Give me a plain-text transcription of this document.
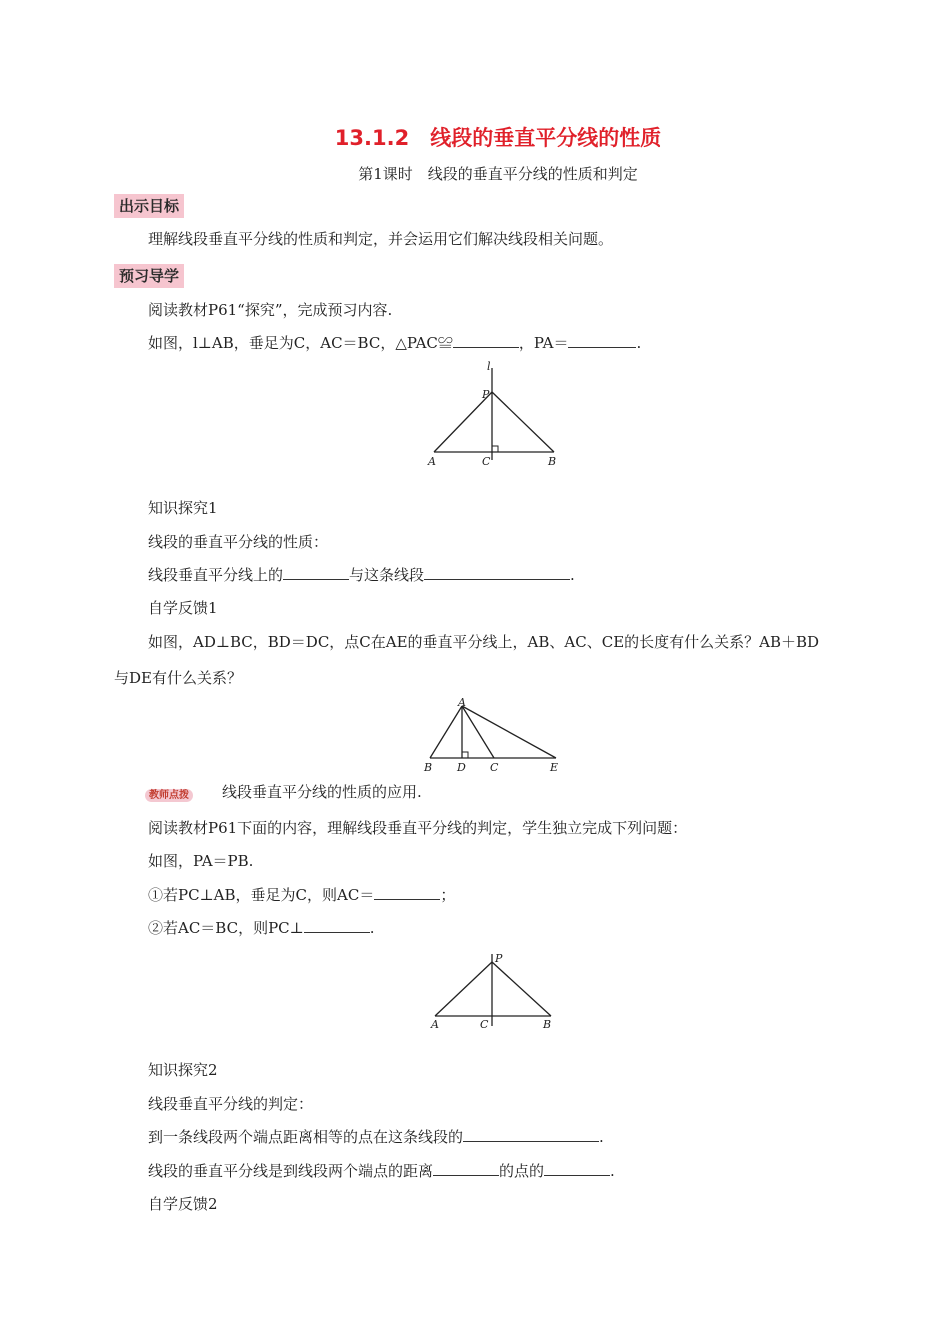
13.1.2　线段的垂直平分线的性质
第1课时　线段的垂直平分线的性质和判定
出示目标
理解线段垂直平分线的性质和判定，并会运用它们解决线段相关问题。
预习导学
阅读教材P61“探究”，完成预习内容.
如图，l⊥AB，垂足为C，AC＝BC，△PAC≌	，PA＝	.
l
P
A	C	B
知识探究1
线段的垂直平分线的性质：
线段垂直平分线上的	与这条线段	.
自学反馈1
如图，AD⊥BC，BD＝DC，点C在AE的垂直平分线上，AB、AC、CE的长度有什么关系？AB＋BD
与DE有什么关系？
A
B D C	E
教师点拨 线段垂直平分线的性质的应用.
阅读教材P61下面的内容，理解线段垂直平分线的判定，学生独立完成下列问题：
如图，PA＝PB.
①若PC⊥AB，垂足为C，则AC＝	；
②若AC＝BC，则PC⊥	.
P
A	C	B
知识探究2
线段垂直平分线的判定：
到一条线段两个端点距离相等的点在这条线段的	.
线段的垂直平分线是到线段两个端点的距离	的点的	.
自学反馈2
